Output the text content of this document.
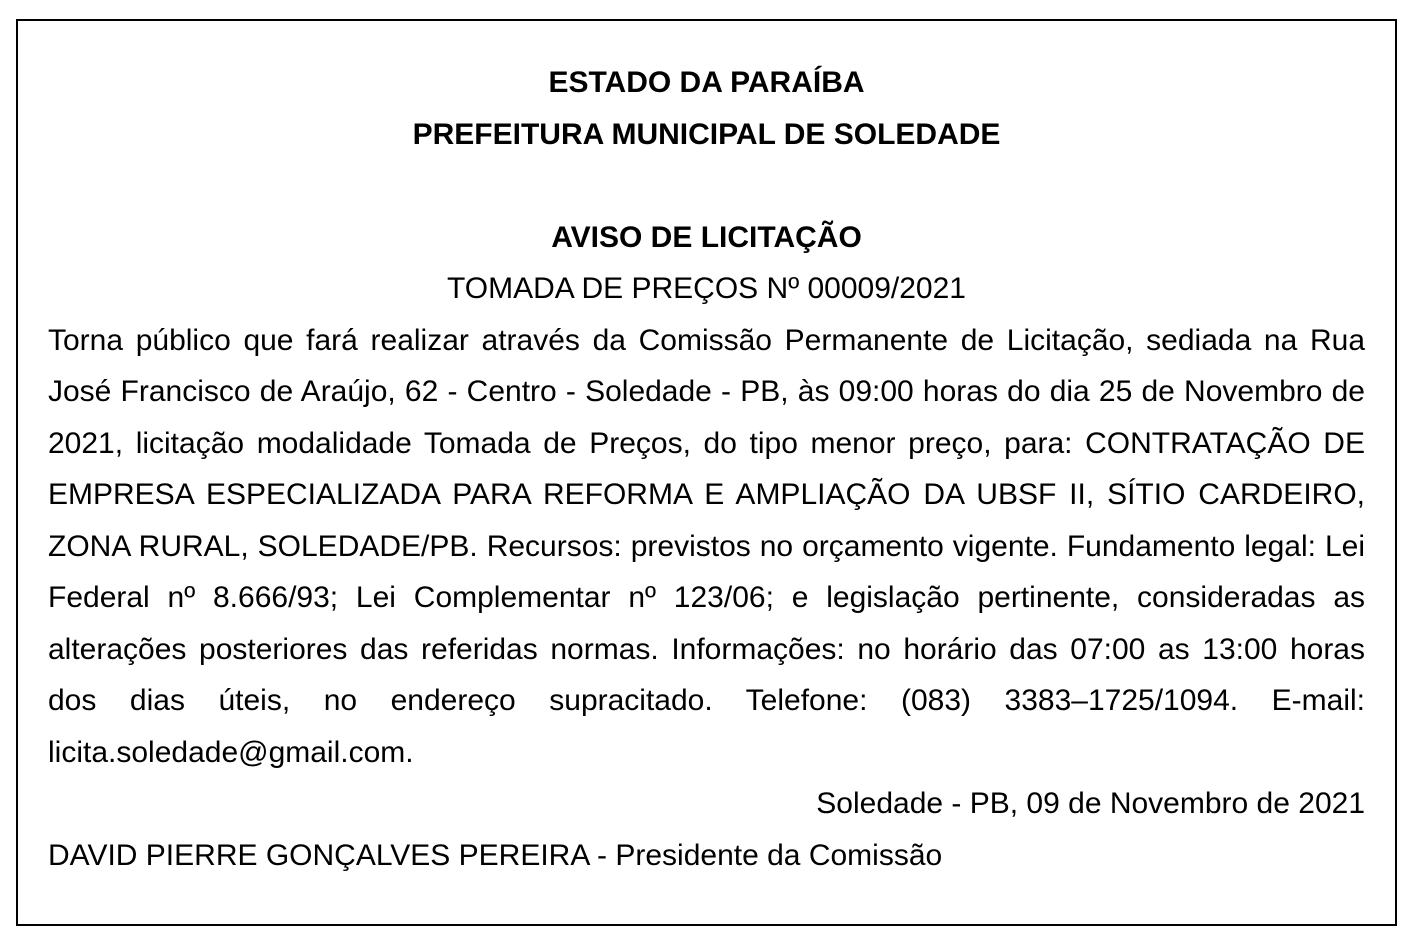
ESTADO DA PARAÍBA

PREFEITURA MUNICIPAL DE SOLEDADE

AVISO DE LICITAÇÃO

TOMADA DE PREÇOS Nº 00009/2021

Torna público que fará realizar através da Comissão Permanente de Licitação, sediada na Rua José Francisco de Araújo, 62 - Centro - Soledade - PB, às 09:00 horas do dia 25 de Novembro de 2021, licitação modalidade Tomada de Preços, do tipo menor preço, para: CONTRATAÇÃO DE EMPRESA ESPECIALIZADA PARA REFORMA E AMPLIAÇÃO DA UBSF II, SÍTIO CARDEIRO, ZONA RURAL, SOLEDADE/PB. Recursos: previstos no orçamento vigente. Fundamento legal: Lei Federal nº 8.666/93; Lei Complementar nº 123/06; e legislação pertinente, consideradas as alterações posteriores das referidas normas. Informações: no horário das 07:00 as 13:00 horas dos dias úteis, no endereço supracitado. Telefone: (083) 3383–1725/1094. E-mail: licita.soledade@gmail.com.

Soledade - PB, 09 de Novembro de 2021

DAVID PIERRE GONÇALVES PEREIRA - Presidente da Comissão
